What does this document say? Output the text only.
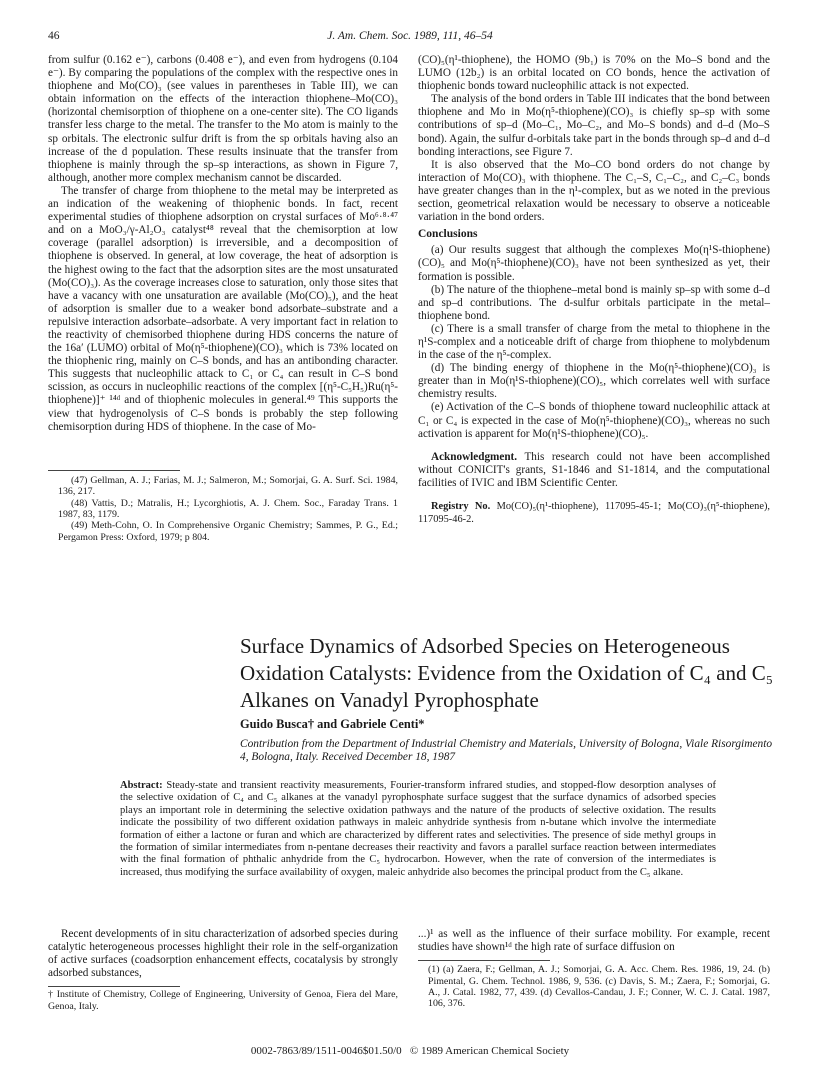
46	J. Am. Chem. Soc. 1989, 111, 46–54

from sulfur (0.162 e⁻), carbons (0.408 e⁻), and even from hydrogens (0.104 e⁻). By comparing the populations of the complex with the respective ones in thiophene and Mo(CO)₃ (see values in parentheses in Table III), we can obtain information on the effects of the interaction thiophene–Mo(CO)₃ (horizontal chemisorption of thiophene on a one-center site). The CO ligands transfer less charge to the metal. The transfer to the Mo atom is mainly to the sp orbitals. The electronic sulfur drift is from the sp orbitals having also an increase of the d population. These results insinuate that the transfer from thiophene is mainly through the sp–sp interactions, as shown in Figure 7, although, another more complex mechanism cannot be discarded.

The transfer of charge from thiophene to the metal may be interpreted as an indication of the weakening of thiophenic bonds. In fact, recent experimental studies of thiophene adsorption on crystal surfaces of Mo⁶·⁸·⁴⁷ and on a MoO₃/γ-Al₂O₃ catalyst⁴⁸ reveal that the chemisorption at low coverage (parallel adsorption) is irreversible, and a decomposition of thiophene is observed. In general, at low coverage, the heat of adsorption is the highest owing to the fact that the adsorption sites are the most unsaturated (Mo(CO)₃). As the coverage increases close to saturation, only those sites that have a vacancy with one unsaturation are available (Mo(CO)₅), and the heat of adsorption is smaller due to a weaker bond adsorbate–substrate and a repulsive interaction adsorbate–adsorbate. A very important fact in relation to the reactivity of chemisorbed thiophene during HDS concerns the nature of the 16a′ (LUMO) orbital of Mo(η⁵-thiophene)(CO)₃ which is 73% located on the thiophenic ring, mainly on C–S bonds, and has an antibonding character. This suggests that nucleophilic attack to C₁ or C₄ can result in C–S bond scission, as occurs in nucleophilic reactions of the complex [(η⁵-C₅H₅)Ru(η⁵-thiophene)]⁺ ¹⁴ᵈ and of thiophenic molecules in general.⁴⁹ This supports the view that hydrogenolysis of C–S bonds is probably the step following chemisorption during HDS of thiophene. In the case of Mo-

(47) Gellman, A. J.; Farias, M. J.; Salmeron, M.; Somorjai, G. A. Surf. Sci. 1984, 136, 217.

(48) Vattis, D.; Matralis, H.; Lycorghiotis, A. J. Chem. Soc., Faraday Trans. 1 1987, 83, 1179.

(49) Meth-Cohn, O. In Comprehensive Organic Chemistry; Sammes, P. G., Ed.; Pergamon Press: Oxford, 1979; p 804.

(CO)₅(η¹-thiophene), the HOMO (9b₁) is 70% on the Mo–S bond and the LUMO (12b₂) is an orbital located on CO bonds, hence the activation of thiophenic bonds toward nucleophilic attack is not expected.

The analysis of the bond orders in Table III indicates that the bond between thiophene and Mo in Mo(η⁵-thiophene)(CO)₃ is chiefly sp–sp with some contributions of sp–d (Mo–C₁, Mo–C₂, and Mo–S bonds) and d–d (Mo–S bond). Again, the sulfur d-orbitals take part in the bonds through sp–d and d–d bonding interactions, see Figure 7.

It is also observed that the Mo–CO bond orders do not change by interaction of Mo(CO)₃ with thiophene. The C₁–S, C₁–C₂, and C₂–C₃ bonds have greater changes than in the η¹-complex, but as we noted in the previous section, geometrical relaxation would be necessary to observe a noticeable variation in the bond orders.

Conclusions

(a) Our results suggest that although the complexes Mo(η¹S-thiophene)(CO)₅ and Mo(η⁵-thiophene)(CO)₃ have not been synthesized as yet, their formation is possible.

(b) The nature of the thiophene–metal bond is mainly sp–sp with some d–d and sp–d contributions. The d-sulfur orbitals participate in the metal–thiophene bond.

(c) There is a small transfer of charge from the metal to thiophene in the η¹S-complex and a noticeable drift of charge from thiophene to molybdenum in the case of the η⁵-complex.

(d) The binding energy of thiophene in the Mo(η⁵-thiophene)(CO)₃ is greater than in Mo(η¹S-thiophene)(CO)₅, which correlates well with surface chemistry results.

(e) Activation of the C–S bonds of thiophene toward nucleophilic attack at C₁ or C₄ is expected in the case of Mo(η⁵-thiophene)(CO)₃, whereas no such activation is apparent for Mo(η¹S-thiophene)(CO)₅.

Acknowledgment. This research could not have been accomplished without CONICIT's grants, S1-1846 and S1-1814, and the computational facilities of IVIC and IBM Scientific Center.

Registry No. Mo(CO)₅(η¹-thiophene), 117095-45-1; Mo(CO)₃(η⁵-thiophene), 117095-46-2.

Surface Dynamics of Adsorbed Species on Heterogeneous Oxidation Catalysts: Evidence from the Oxidation of C₄ and C₅ Alkanes on Vanadyl Pyrophosphate
Guido Busca† and Gabriele Centi*
Contribution from the Department of Industrial Chemistry and Materials, University of Bologna, Viale Risorgimento 4, Bologna, Italy. Received December 18, 1987
Abstract: Steady-state and transient reactivity measurements, Fourier-transform infrared studies, and stopped-flow desorption analyses of the selective oxidation of C₄ and C₅ alkanes at the vanadyl pyrophosphate surface suggest that the surface dynamics of adsorbed species plays an important role in determining the selective oxidation pathways and the nature of the products of selective oxidation. The results indicate the possibility of two different oxidation pathways in maleic anhydride synthesis from n-butane which involve the intermediate formation of either a lactone or furan and which are characterized by different rates and selectivities. The presence of side methyl groups in the formation of similar intermediates from n-pentane decreases their reactivity and favors a parallel surface reaction between intermediates with the final formation of phthalic anhydride from the C₅ hydrocarbon. However, when the rate of conversion of the intermediates is increased, thus modifying the surface availability of oxygen, maleic anhydride also becomes the principal product from the C₅ alkane.
Recent developments of in situ characterization of adsorbed species during catalytic heterogeneous processes highlight their role in the self-organization of active surfaces (coadsorption enhancement effects, cocatalysis by strongly adsorbed substances,
† Institute of Chemistry, College of Engineering, University of Genoa, Fiera del Mare, Genoa, Italy.
...)¹ as well as the influence of their surface mobility. For example, recent studies have shown¹ᵈ the high rate of surface diffusion on
(1) (a) Zaera, F.; Gellman, A. J.; Somorjai, G. A. Acc. Chem. Res. 1986, 19, 24. (b) Pimental, G. Chem. Technol. 1986, 9, 536. (c) Davis, S. M.; Zaera, F.; Somorjai, G. A., J. Catal. 1982, 77, 439. (d) Cevallos-Candau, J. F.; Conner, W. C. J. Catal. 1987, 106, 376.
0002-7863/89/1511-0046$01.50/0   © 1989 American Chemical Society
